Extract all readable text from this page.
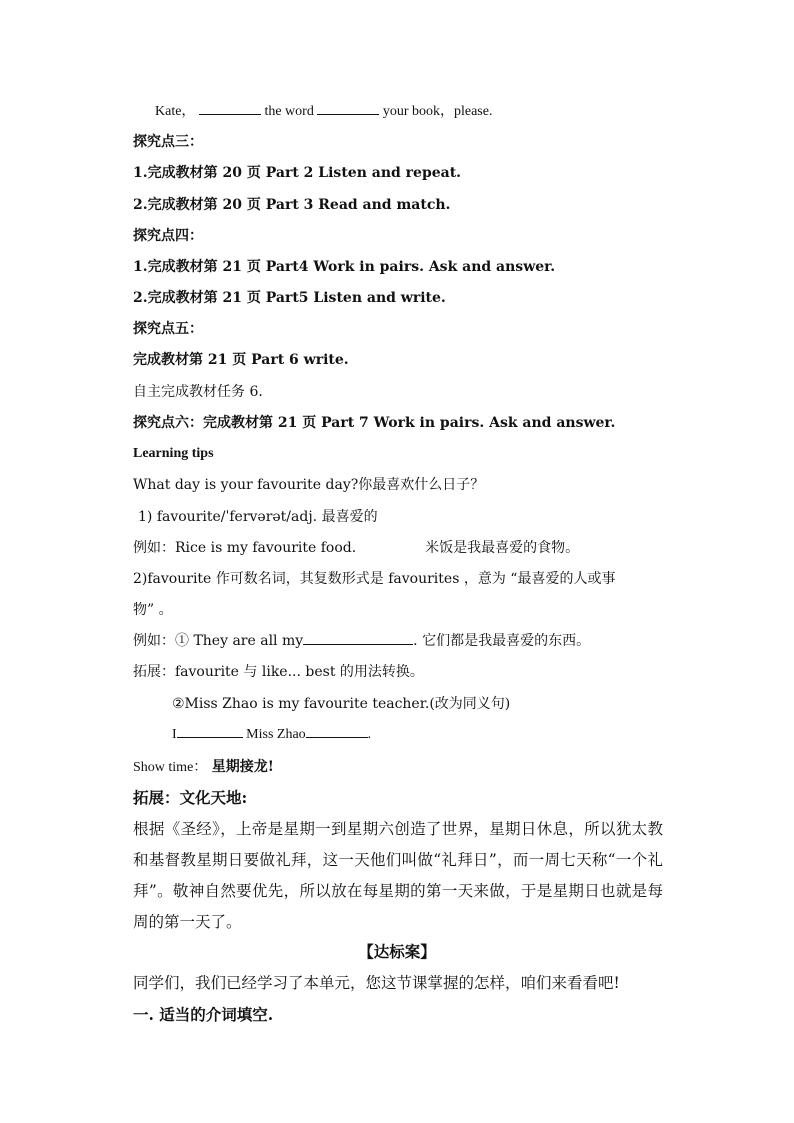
Kate，	the word	your book，please.
探究点三：
1.完成教材第 20 页 Part 2 Listen and repeat.
2.完成教材第 20 页 Part 3 Read and match.
探究点四：
1.完成教材第 21 页 Part4 Work in pairs. Ask and answer.
2.完成教材第 21 页 Part5 Listen and write.
探究点五：
完成教材第 21 页 Part 6 write.
自主完成教材任务 6.
探究点六：完成教材第 21 页 Part 7 Work in pairs. Ask and answer.
Learning tips
What day is your favourite day?你最喜欢什么日子？
1) favourite/ˈfervərət/adj. 最喜爱的
例如：Rice is my favourite food.	米饭是我最喜爱的食物。
2)favourite 作可数名词，其复数形式是 favourites ，意为 “最喜爱的人或事
物” 。
例如：① They are all my	. 它们都是我最喜爱的东西。
拓展：favourite 与 like... best 的用法转换。
②Miss Zhao is my favourite teacher.(改为同义句)
I	Miss Zhao	.
Show time： 星期接龙!
拓展：文化天地:
根据《圣经》，上帝是星期一到星期六创造了世界，星期日休息，所以犹太教和基督教星期日要做礼拜，这一天他们叫做“礼拜日”，而一周七天称“一个礼拜”。敬神自然要优先，所以放在每星期的第一天来做，于是星期日也就是每周的第一天了。
【达标案】
同学们，我们已经学习了本单元，您这节课掌握的怎样，咱们来看看吧!
一. 适当的介词填空.
